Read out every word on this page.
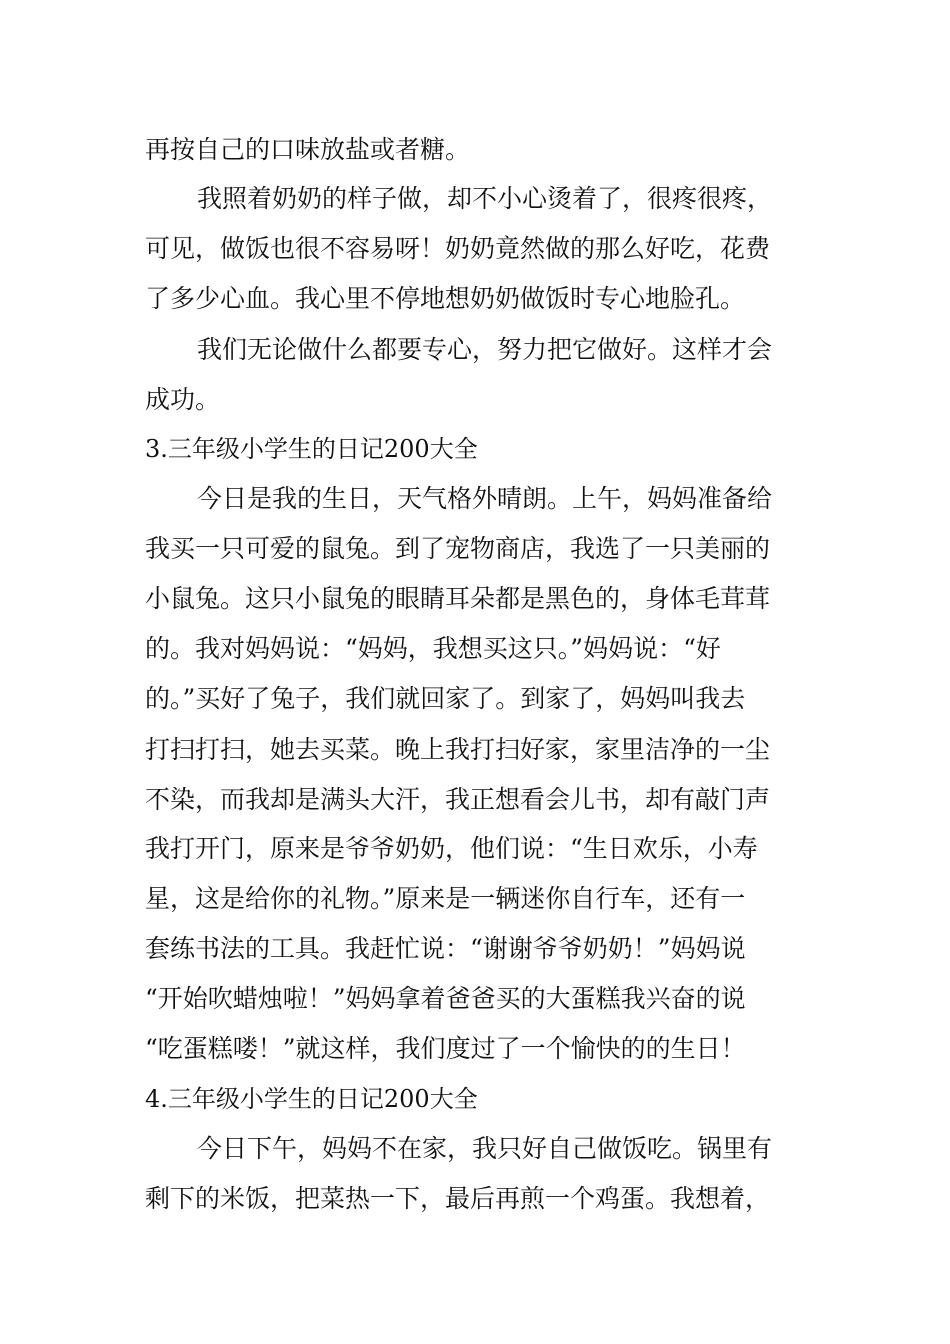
再按自己的口味放盐或者糖。
我照着奶奶的样子做，却不小心烫着了，很疼很疼，
可见，做饭也很不容易呀！奶奶竟然做的那么好吃，花费
了多少心血。我心里不停地想奶奶做饭时专心地脸孔。
我们无论做什么都要专心，努力把它做好。这样才会
成功。
3.三年级小学生的日记200大全
今日是我的生日，天气格外晴朗。上午，妈妈准备给
我买一只可爱的鼠兔。到了宠物商店，我选了一只美丽的
小鼠兔。这只小鼠兔的眼睛耳朵都是黑色的，身体毛茸茸
的。我对妈妈说：“妈妈，我想买这只。”妈妈说：“好
的。”买好了兔子，我们就回家了。到家了，妈妈叫我去
打扫打扫，她去买菜。晚上我打扫好家，家里洁净的一尘
不染，而我却是满头大汗，我正想看会儿书，却有敲门声
我打开门，原来是爷爷奶奶，他们说：“生日欢乐，小寿
星，这是给你的礼物。”原来是一辆迷你自行车，还有一
套练书法的工具。我赶忙说：“谢谢爷爷奶奶！”妈妈说
“开始吹蜡烛啦！”妈妈拿着爸爸买的大蛋糕我兴奋的说
“吃蛋糕喽！”就这样，我们度过了一个愉快的的生日！
4.三年级小学生的日记200大全
今日下午，妈妈不在家，我只好自己做饭吃。锅里有
剩下的米饭，把菜热一下，最后再煎一个鸡蛋。我想着，
